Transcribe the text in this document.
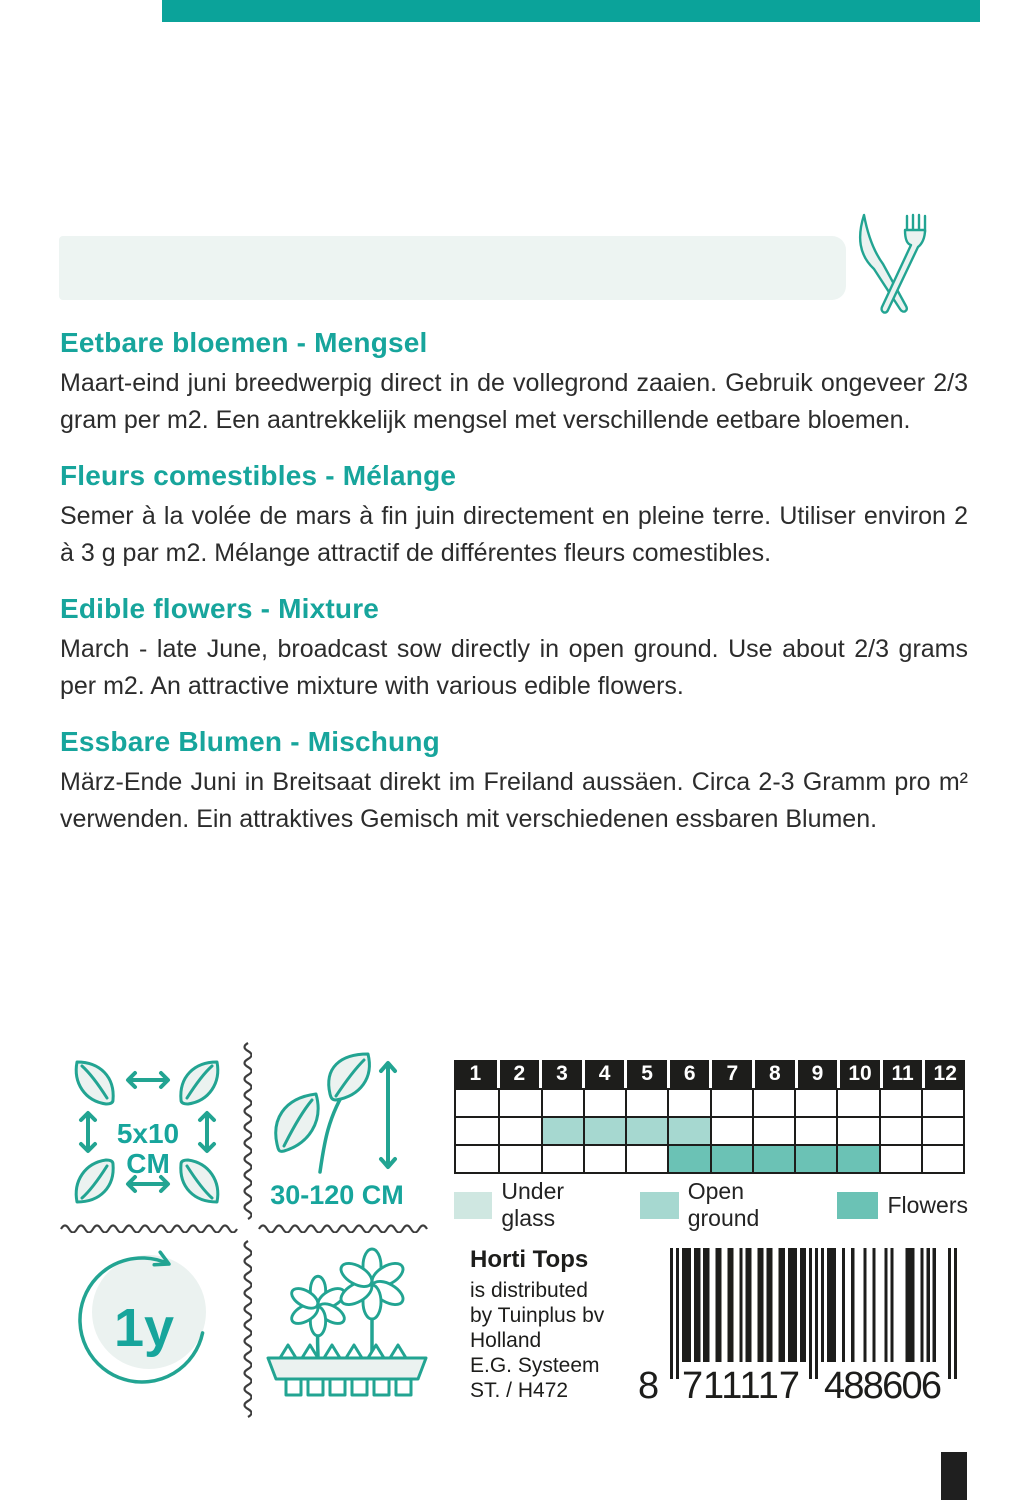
Eetbare bloemen - Mengsel

Maart-eind juni breedwerpig direct in de vollegrond zaaien. Gebruik ongeveer 2/3 gram per m2. Een aantrekkelijk mengsel met verschillende eetbare bloemen.

Fleurs comestibles - Mélange

Semer à la volée de mars à fin juin directement en pleine terre. Utiliser environ 2 à 3 g par m2. Mélange attractif de différentes fleurs comestibles.

Edible flowers - Mixture

March - late June, broadcast sow directly in open ground. Use about 2/3 grams per m2. An attractive mixture with various edible flowers.

Essbare Blumen - Mischung

März-Ende Juni in Breitsaat direkt im Freiland aussäen. Circa 2-3 Gramm pro m² verwenden. Ein attraktives Gemisch mit verschiedenen essbaren Blumen.

5x10
CM
30-120 CM
1	2	3	4	5	6	7	8	9	10 11 12
Under glass
Open ground
Flowers
1y
Horti Tops
is distributed
by Tuinplus bv
Holland
E.G. Systeem
ST. / H472	8 711117 488606
